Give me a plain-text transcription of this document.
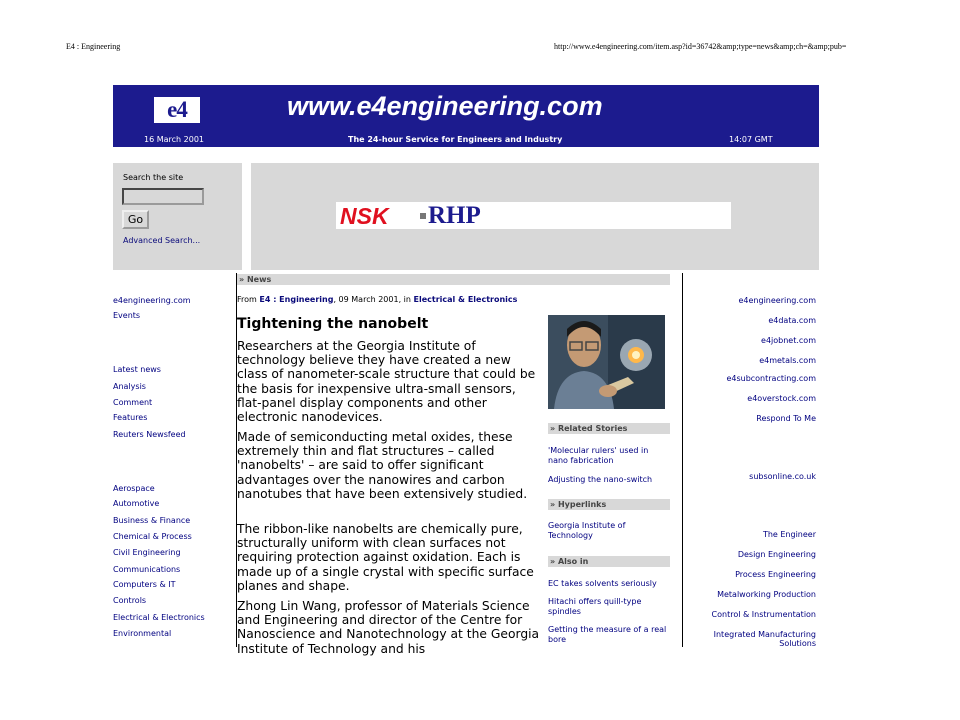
E4 : Engineering	http://www.e4engineering.com/item.asp?id=36742&amp;type=news&amp;ch=&amp;pub=
e4	www.e4engineering.com
16 March 2001	The 24-hour Service for Engineers and Industry	14:07 GMT
Search the site
Go
Advanced Search...
NSK RHP
e4engineering.com
Events
Latest news
Analysis
Comment
Features
Reuters Newsfeed
Aerospace
Automotive
Business & Finance
Chemical & Process
Civil Engineering
Communications
Computers & IT
Controls
Electrical & Electronics
Environmental
» News
From E4 : Engineering, 09 March 2001, in Electrical & Electronics
Tightening the nanobelt
Researchers at the Georgia Institute of technology believe they have created a new class of nanometer-scale structure that could be the basis for inexpensive ultra-small sensors, flat-panel display components and other electronic nanodevices.
Made of semiconducting metal oxides, these extremely thin and flat structures – called 'nanobelts' – are said to offer significant advantages over the nanowires and carbon nanotubes that have been extensively studied.
The ribbon-like nanobelts are chemically pure, structurally uniform with clean surfaces not requiring protection against oxidation. Each is made up of a single crystal with specific surface planes and shape.
Zhong Lin Wang, professor of Materials Science and Engineering and director of the Centre for Nanoscience and Nanotechnology at the Georgia Institute of Technology and his
» Related Stories
'Molecular rulers' used in nano fabrication
Adjusting the nano-switch
» Hyperlinks
Georgia Institute of Technology
» Also in
EC takes solvents seriously
Hitachi offers quill-type spindles
Getting the measure of a real bore
e4engineering.com
e4data.com
e4jobnet.com
e4metals.com
e4subcontracting.com
e4overstock.com
Respond To Me
subsonline.co.uk
The Engineer
Design Engineering
Process Engineering
Metalworking Production
Control & Instrumentation
Integrated Manufacturing Solutions
